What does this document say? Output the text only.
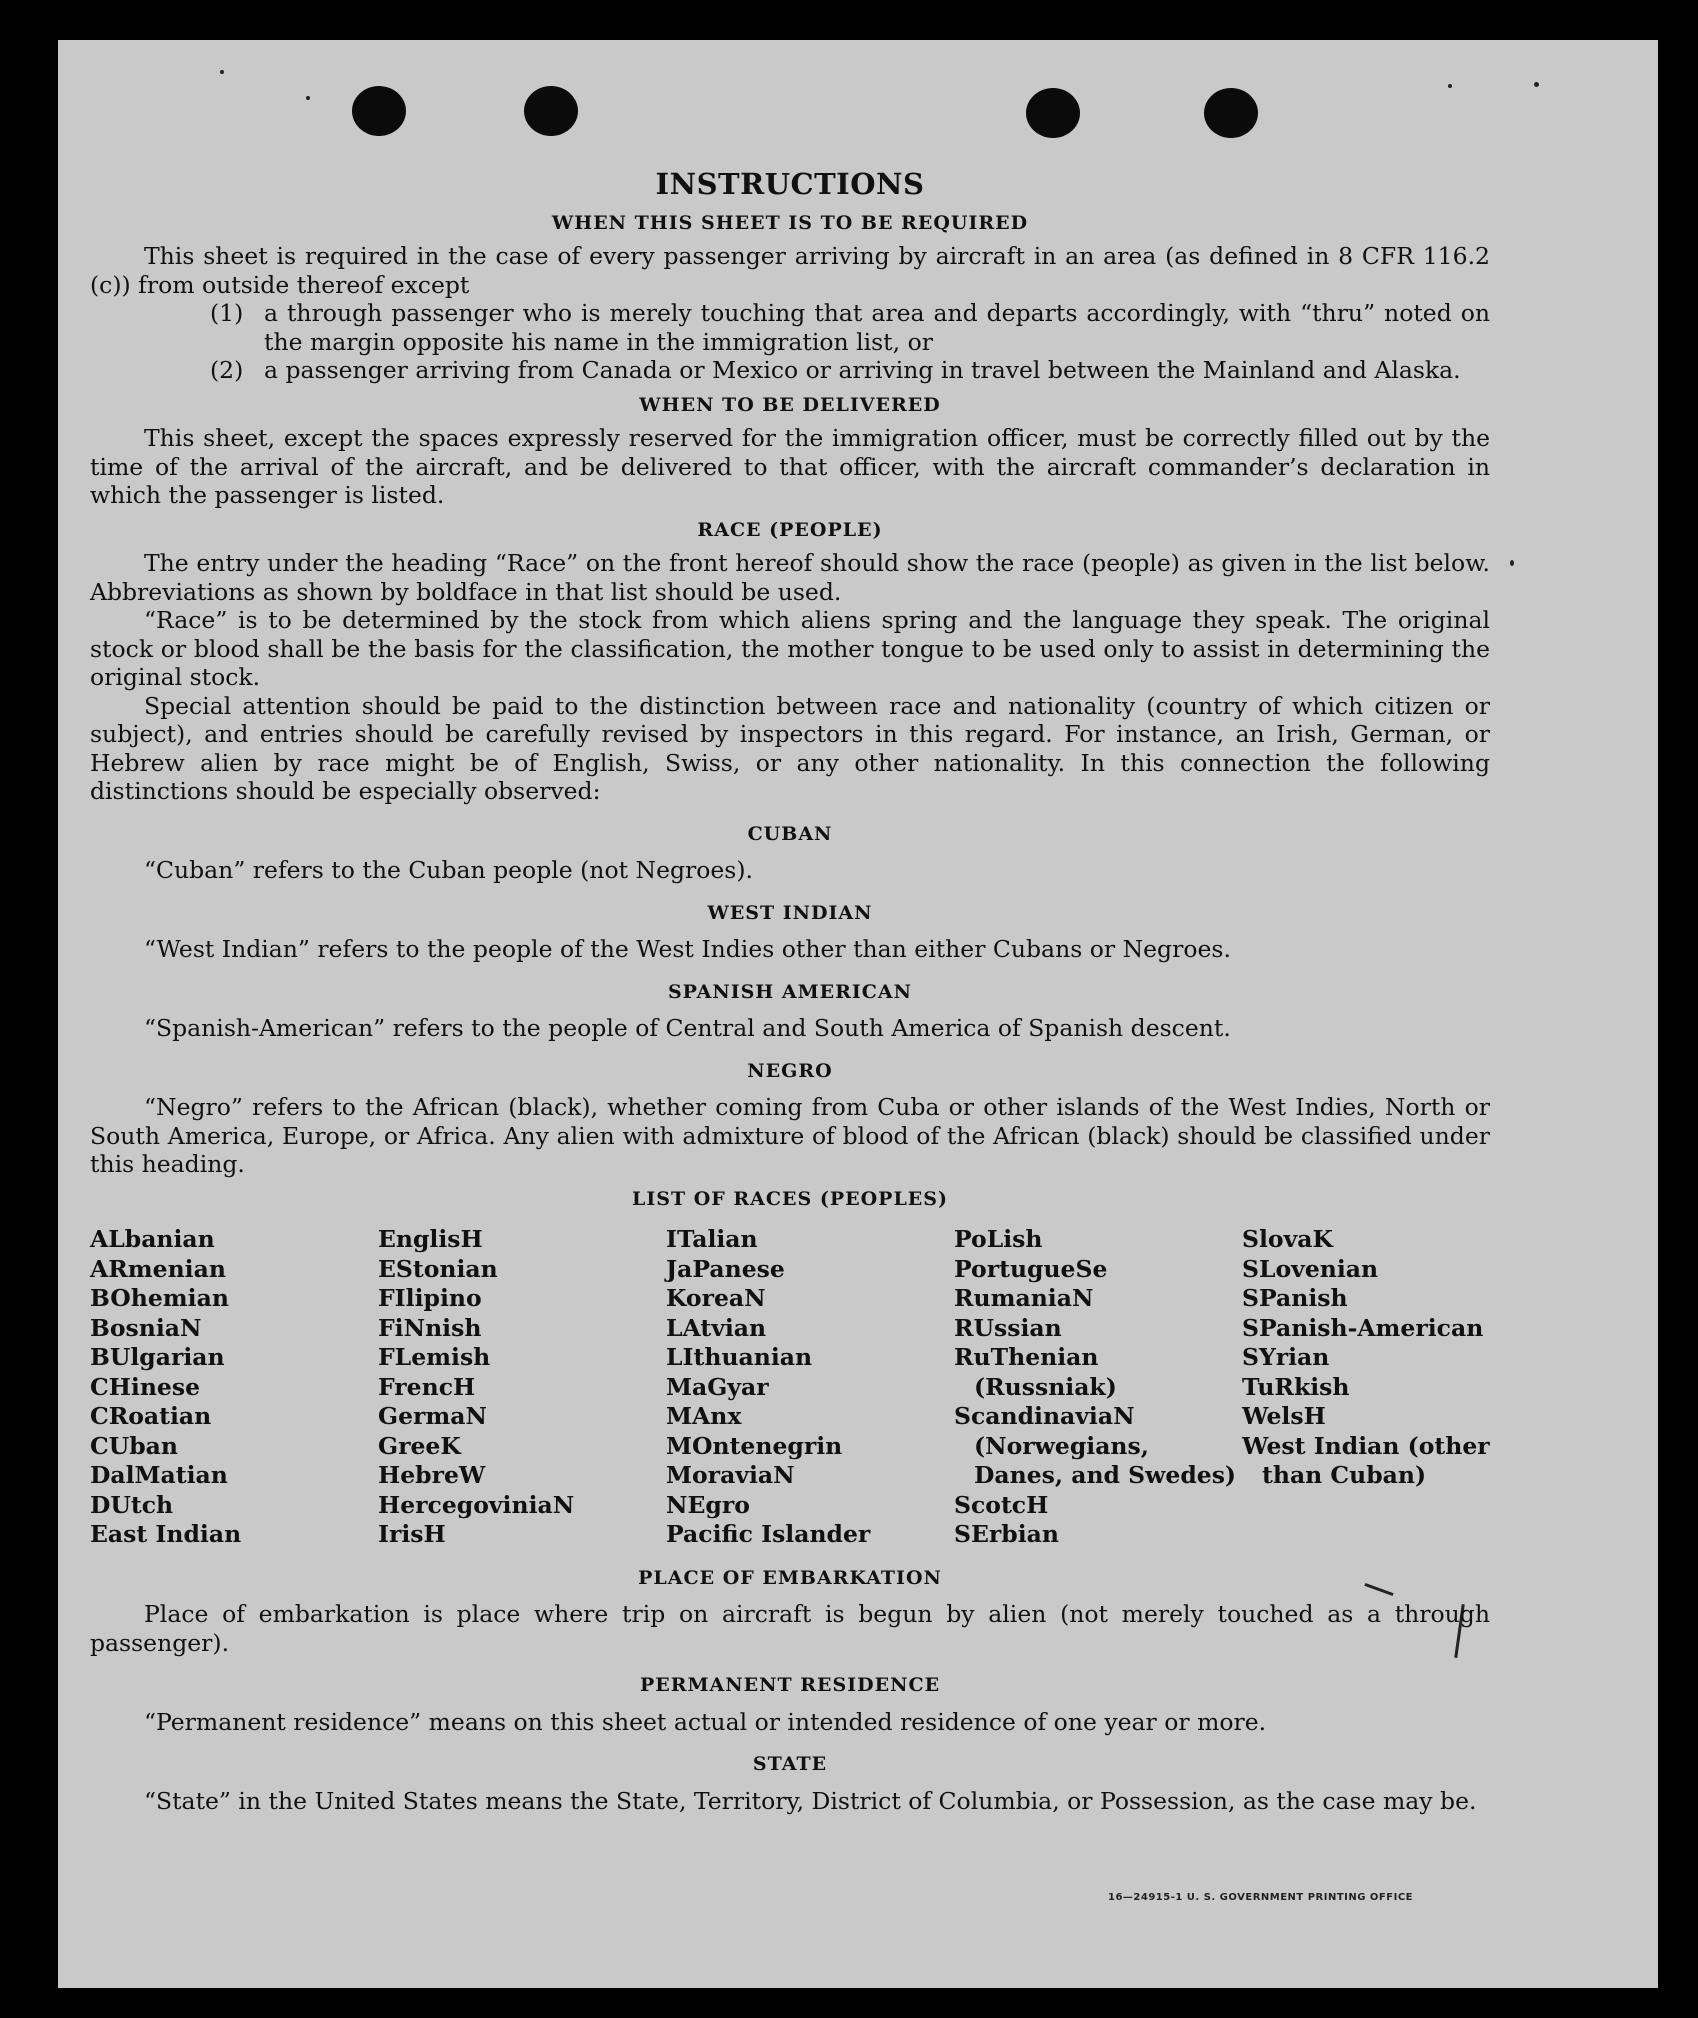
16—24915-1 U. S. GOVERNMENT PRINTING OFFICE
INSTRUCTIONS
WHEN THIS SHEET IS TO BE REQUIRED

This sheet is required in the case of every passenger arriving by aircraft in an area (as defined in 8 CFR 116.2 (c)) from outside thereof except

(1) a through passenger who is merely touching that area and departs accordingly, with “thru” noted on the margin opposite his name in the immigration list, or
(2) a passenger arriving from Canada or Mexico or arriving in travel between the Mainland and Alaska.
WHEN TO BE DELIVERED

This sheet, except the spaces expressly reserved for the immigration officer, must be correctly filled out by the time of the arrival of the aircraft, and be delivered to that officer, with the aircraft commander’s declaration in which the passenger is listed.

RACE (PEOPLE)

The entry under the heading “Race” on the front hereof should show the race (people) as given in the list below. Abbreviations as shown by boldface in that list should be used.

“Race” is to be determined by the stock from which aliens spring and the language they speak. The original stock or blood shall be the basis for the classification, the mother tongue to be used only to assist in determining the original stock.

Special attention should be paid to the distinction between race and nationality (country of which citizen or subject), and entries should be carefully revised by inspectors in this regard. For instance, an Irish, German, or Hebrew alien by race might be of English, Swiss, or any other nationality. In this connection the following distinctions should be especially observed:

CUBAN

“Cuban” refers to the Cuban people (not Negroes).

WEST INDIAN

“West Indian” refers to the people of the West Indies other than either Cubans or Negroes.

SPANISH AMERICAN

“Spanish-American” refers to the people of Central and South America of Spanish descent.

NEGRO

“Negro” refers to the African (black), whether coming from Cuba or other islands of the West Indies, North or South America, Europe, or Africa. Any alien with admixture of blood of the African (black) should be classified under this heading.

LIST OF RACES (PEOPLES)
ALbanian
ARmenian
BOhemian
BosniaN
BUlgarian
CHinese
CRoatian
CUban
DalMatian
DUtch
East Indian
EnglisH
EStonian
FIlipino
FiNnish
FLemish
FrencH
GermaN
GreeK
HebreW
HercegoviniaN
IrisH
ITalian
JaPanese
KoreaN
LAtvian
LIthuanian
MaGyar
MAnx
MOntenegrin
MoraviaN
NEgro
Pacific Islander
PoLish
PortugueSe
RumaniaN
RUssian
RuThenian (Russniak)
ScandinaviaN (Norwegians, Danes, and Swedes)
ScotcH
SErbian
SlovaK
SLovenian
SPanish
SPanish-American
SYrian
TuRkish
WelsH
West Indian (other than Cuban)
PLACE OF EMBARKATION

Place of embarkation is place where trip on aircraft is begun by alien (not merely touched as a through passenger).

PERMANENT RESIDENCE

“Permanent residence” means on this sheet actual or intended residence of one year or more.

STATE

“State” in the United States means the State, Territory, District of Columbia, or Possession, as the case may be.
